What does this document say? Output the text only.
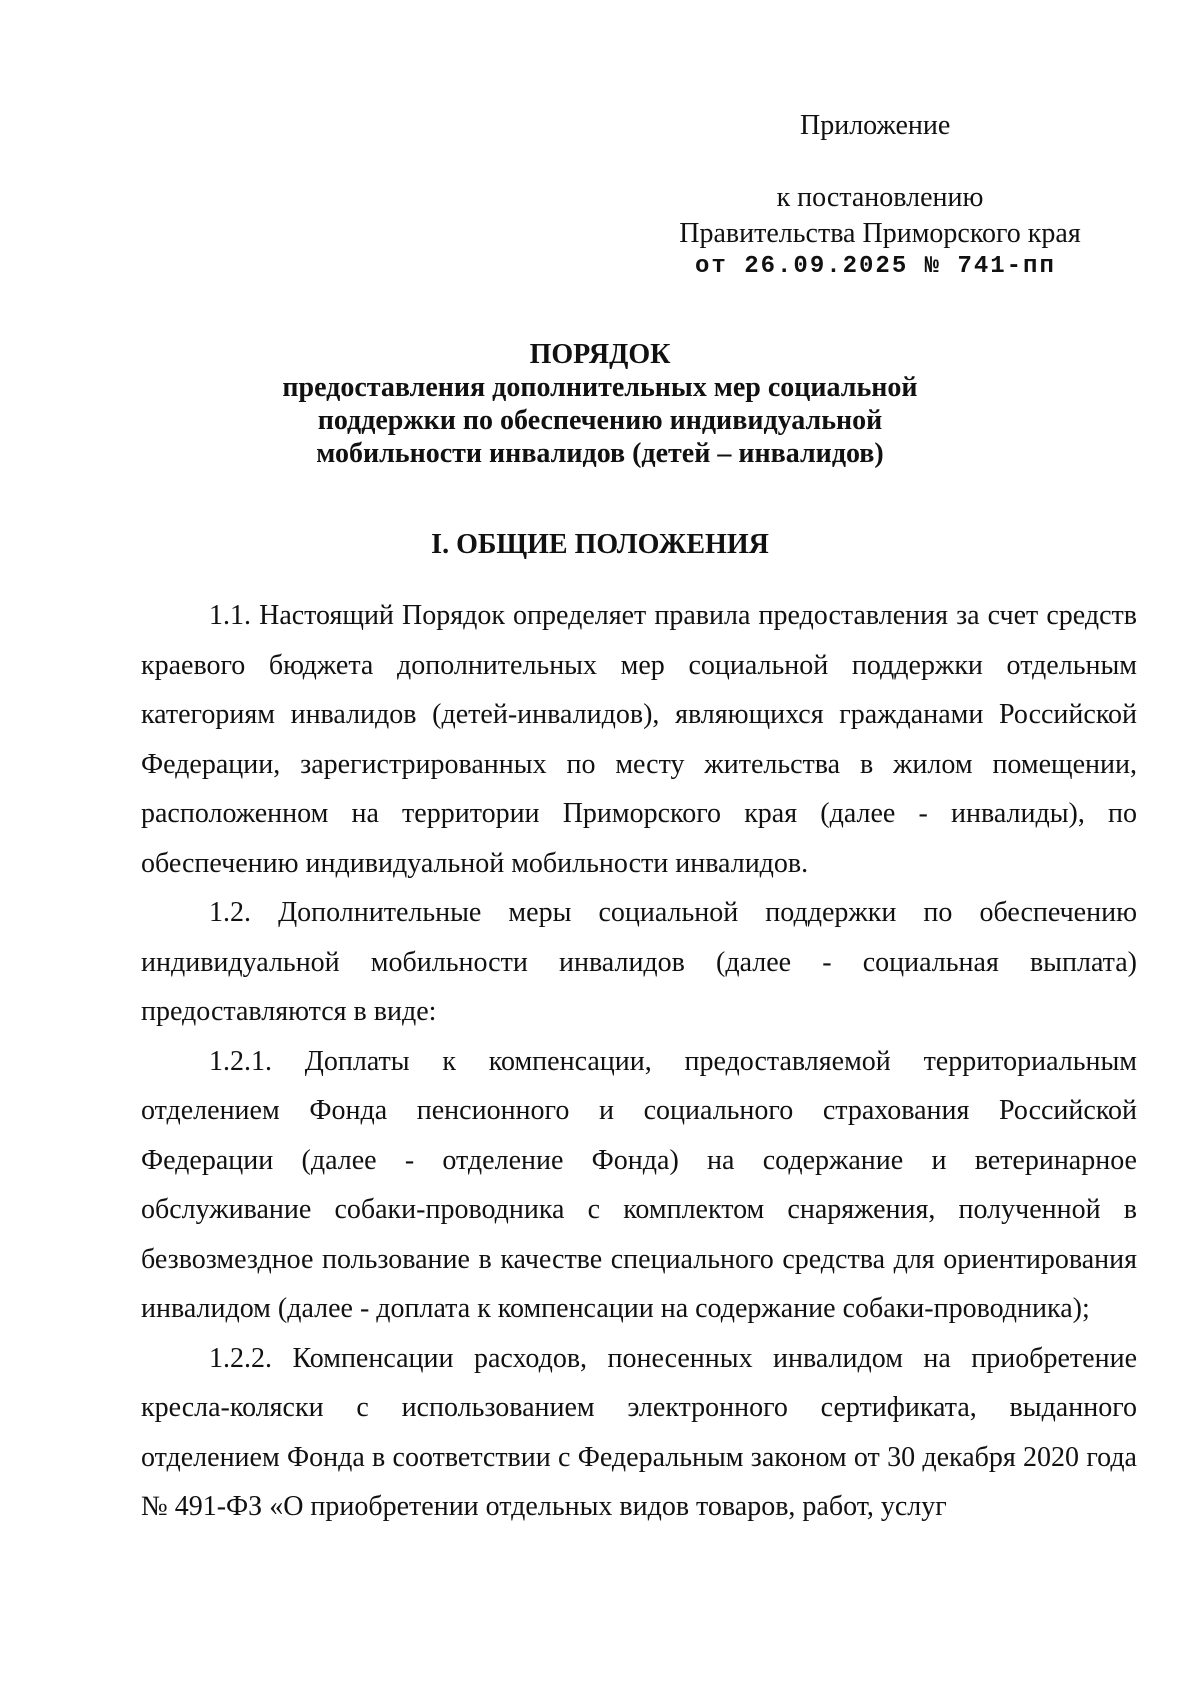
Приложение
к постановлению
Правительства Приморского края
от 26.09.2025 № 741-пп
ПОРЯДОК
предоставления дополнительных мер социальной
поддержки по обеспечению индивидуальной
мобильности инвалидов (детей – инвалидов)
I. ОБЩИЕ ПОЛОЖЕНИЯ

1.1. Настоящий Порядок определяет правила предоставления за счет средств краевого бюджета дополнительных мер социальной поддержки отдельным категориям инвалидов (детей-инвалидов), являющихся гражданами Российской Федерации, зарегистрированных по месту жительства в жилом помещении, расположенном на территории Приморского края (далее - инвалиды), по обеспечению индивидуальной мобильности инвалидов.

1.2. Дополнительные меры социальной поддержки по обеспечению индивидуальной мобильности инвалидов (далее - социальная выплата) предоставляются в виде:

1.2.1. Доплаты к компенсации, предоставляемой территориальным отделением Фонда пенсионного и социального страхования Российской Федерации (далее - отделение Фонда) на содержание и ветеринарное обслуживание собаки-проводника с комплектом снаряжения, полученной в безвозмездное пользование в качестве специального средства для ориентирования инвалидом (далее - доплата к компенсации на содержание собаки-проводника);

1.2.2. Компенсации расходов, понесенных инвалидом на приобретение кресла-коляски с использованием электронного сертификата, выданного отделением Фонда в соответствии с Федеральным законом от 30 декабря 2020 года № 491-ФЗ «О приобретении отдельных видов товаров, работ, услуг
